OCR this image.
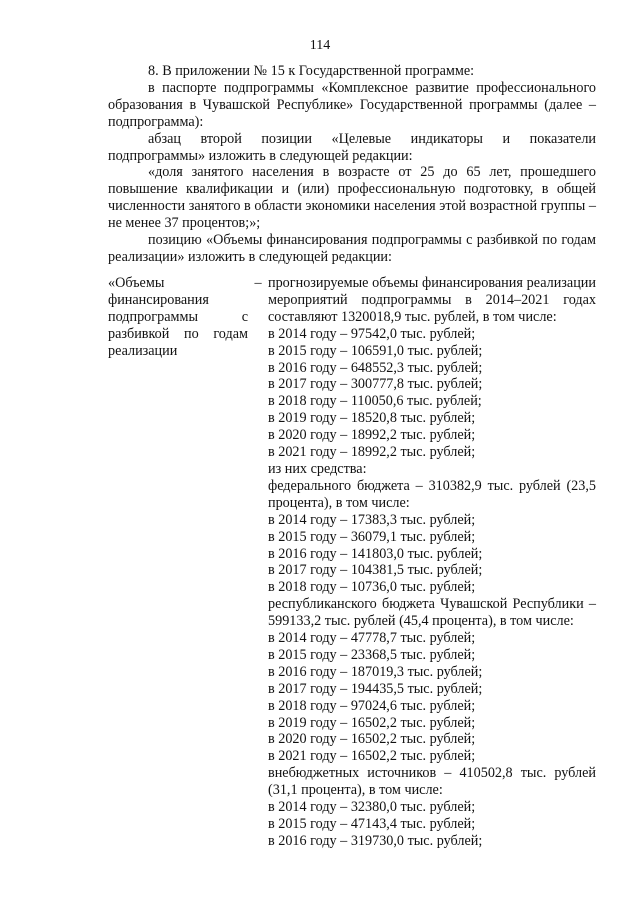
114

8. В приложении № 15 к Государственной программе:

в паспорте подпрограммы «Комплексное развитие профессионального образования в Чувашской Республике» Государственной программы (далее – подпрограмма):

абзац второй позиции «Целевые индикаторы и показатели подпрограммы» изложить в следующей редакции:

«доля занятого населения в возрасте от 25 до 65 лет, прошедшего повышение квалификации и (или) профессиональную подготовку, в общей численности занятого в области экономики населения этой возрастной группы – не менее 37 процентов;»;

позицию «Объемы финансирования подпрограммы с разбивкой по годам реализации» изложить в следующей редакции:

«Объемы финансирования подпрограммы с разбивкой по годам реализации
– прогнозируемые объемы финансирования реализации мероприятий подпрограммы в 2014–2021 годах составляют 1320018,9 тыс. рублей, в том числе:
в 2014 году – 97542,0 тыс. рублей;
в 2015 году – 106591,0 тыс. рублей;
в 2016 году – 648552,3 тыс. рублей;
в 2017 году – 300777,8 тыс. рублей;
в 2018 году – 110050,6 тыс. рублей;
в 2019 году – 18520,8 тыс. рублей;
в 2020 году – 18992,2 тыс. рублей;
в 2021 году – 18992,2 тыс. рублей;
из них средства:
федерального бюджета – 310382,9 тыс. рублей (23,5 процента), в том числе:
в 2014 году – 17383,3 тыс. рублей;
в 2015 году – 36079,1 тыс. рублей;
в 2016 году – 141803,0 тыс. рублей;
в 2017 году – 104381,5 тыс. рублей;
в 2018 году – 10736,0 тыс. рублей;
республиканского бюджета Чувашской Республики – 599133,2 тыс. рублей (45,4 процента), в том числе:
в 2014 году – 47778,7 тыс. рублей;
в 2015 году – 23368,5 тыс. рублей;
в 2016 году – 187019,3 тыс. рублей;
в 2017 году – 194435,5 тыс. рублей;
в 2018 году – 97024,6 тыс. рублей;
в 2019 году – 16502,2 тыс. рублей;
в 2020 году – 16502,2 тыс. рублей;
в 2021 году – 16502,2 тыс. рублей;
внебюджетных источников – 410502,8 тыс. рублей (31,1 процента), в том числе:
в 2014 году – 32380,0 тыс. рублей;
в 2015 году – 47143,4 тыс. рублей;
в 2016 году – 319730,0 тыс. рублей;
